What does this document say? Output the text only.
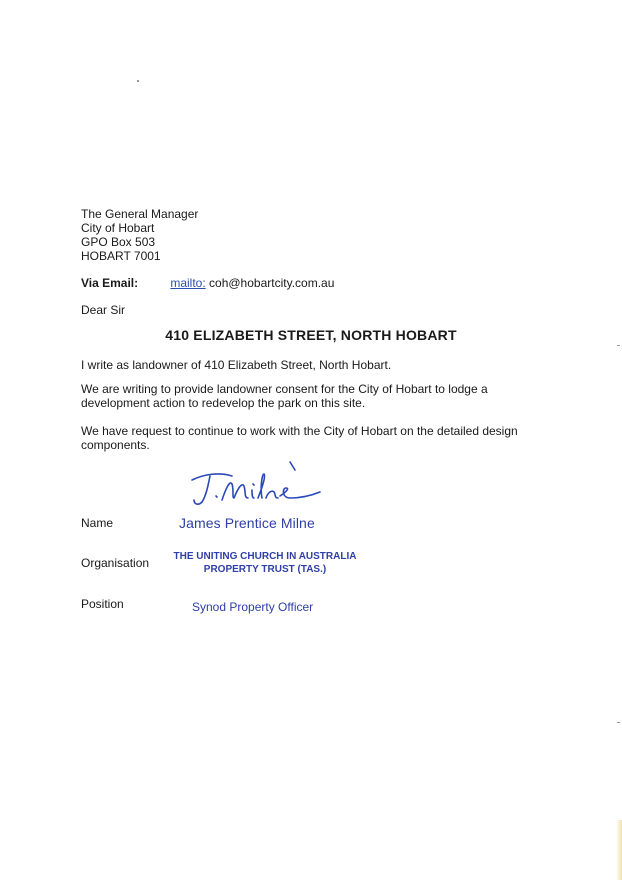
The General Manager
City of Hobart
GPO Box 503
HOBART 7001
Via Email:	mailto: coh@hobartcity.com.au
Dear Sir
410 ELIZABETH STREET, NORTH HOBART
I write as landowner of 410 Elizabeth Street, North Hobart.
We are writing to provide landowner consent for the City of Hobart to lodge a development action to redevelop the park on this site.
We have request to continue to work with the City of Hobart on the detailed design components.
Name	James Prentice Milne
Organisation	THE UNITING CHURCH IN AUSTRALIA
PROPERTY TRUST (TAS.)
Position	Synod Property Officer
